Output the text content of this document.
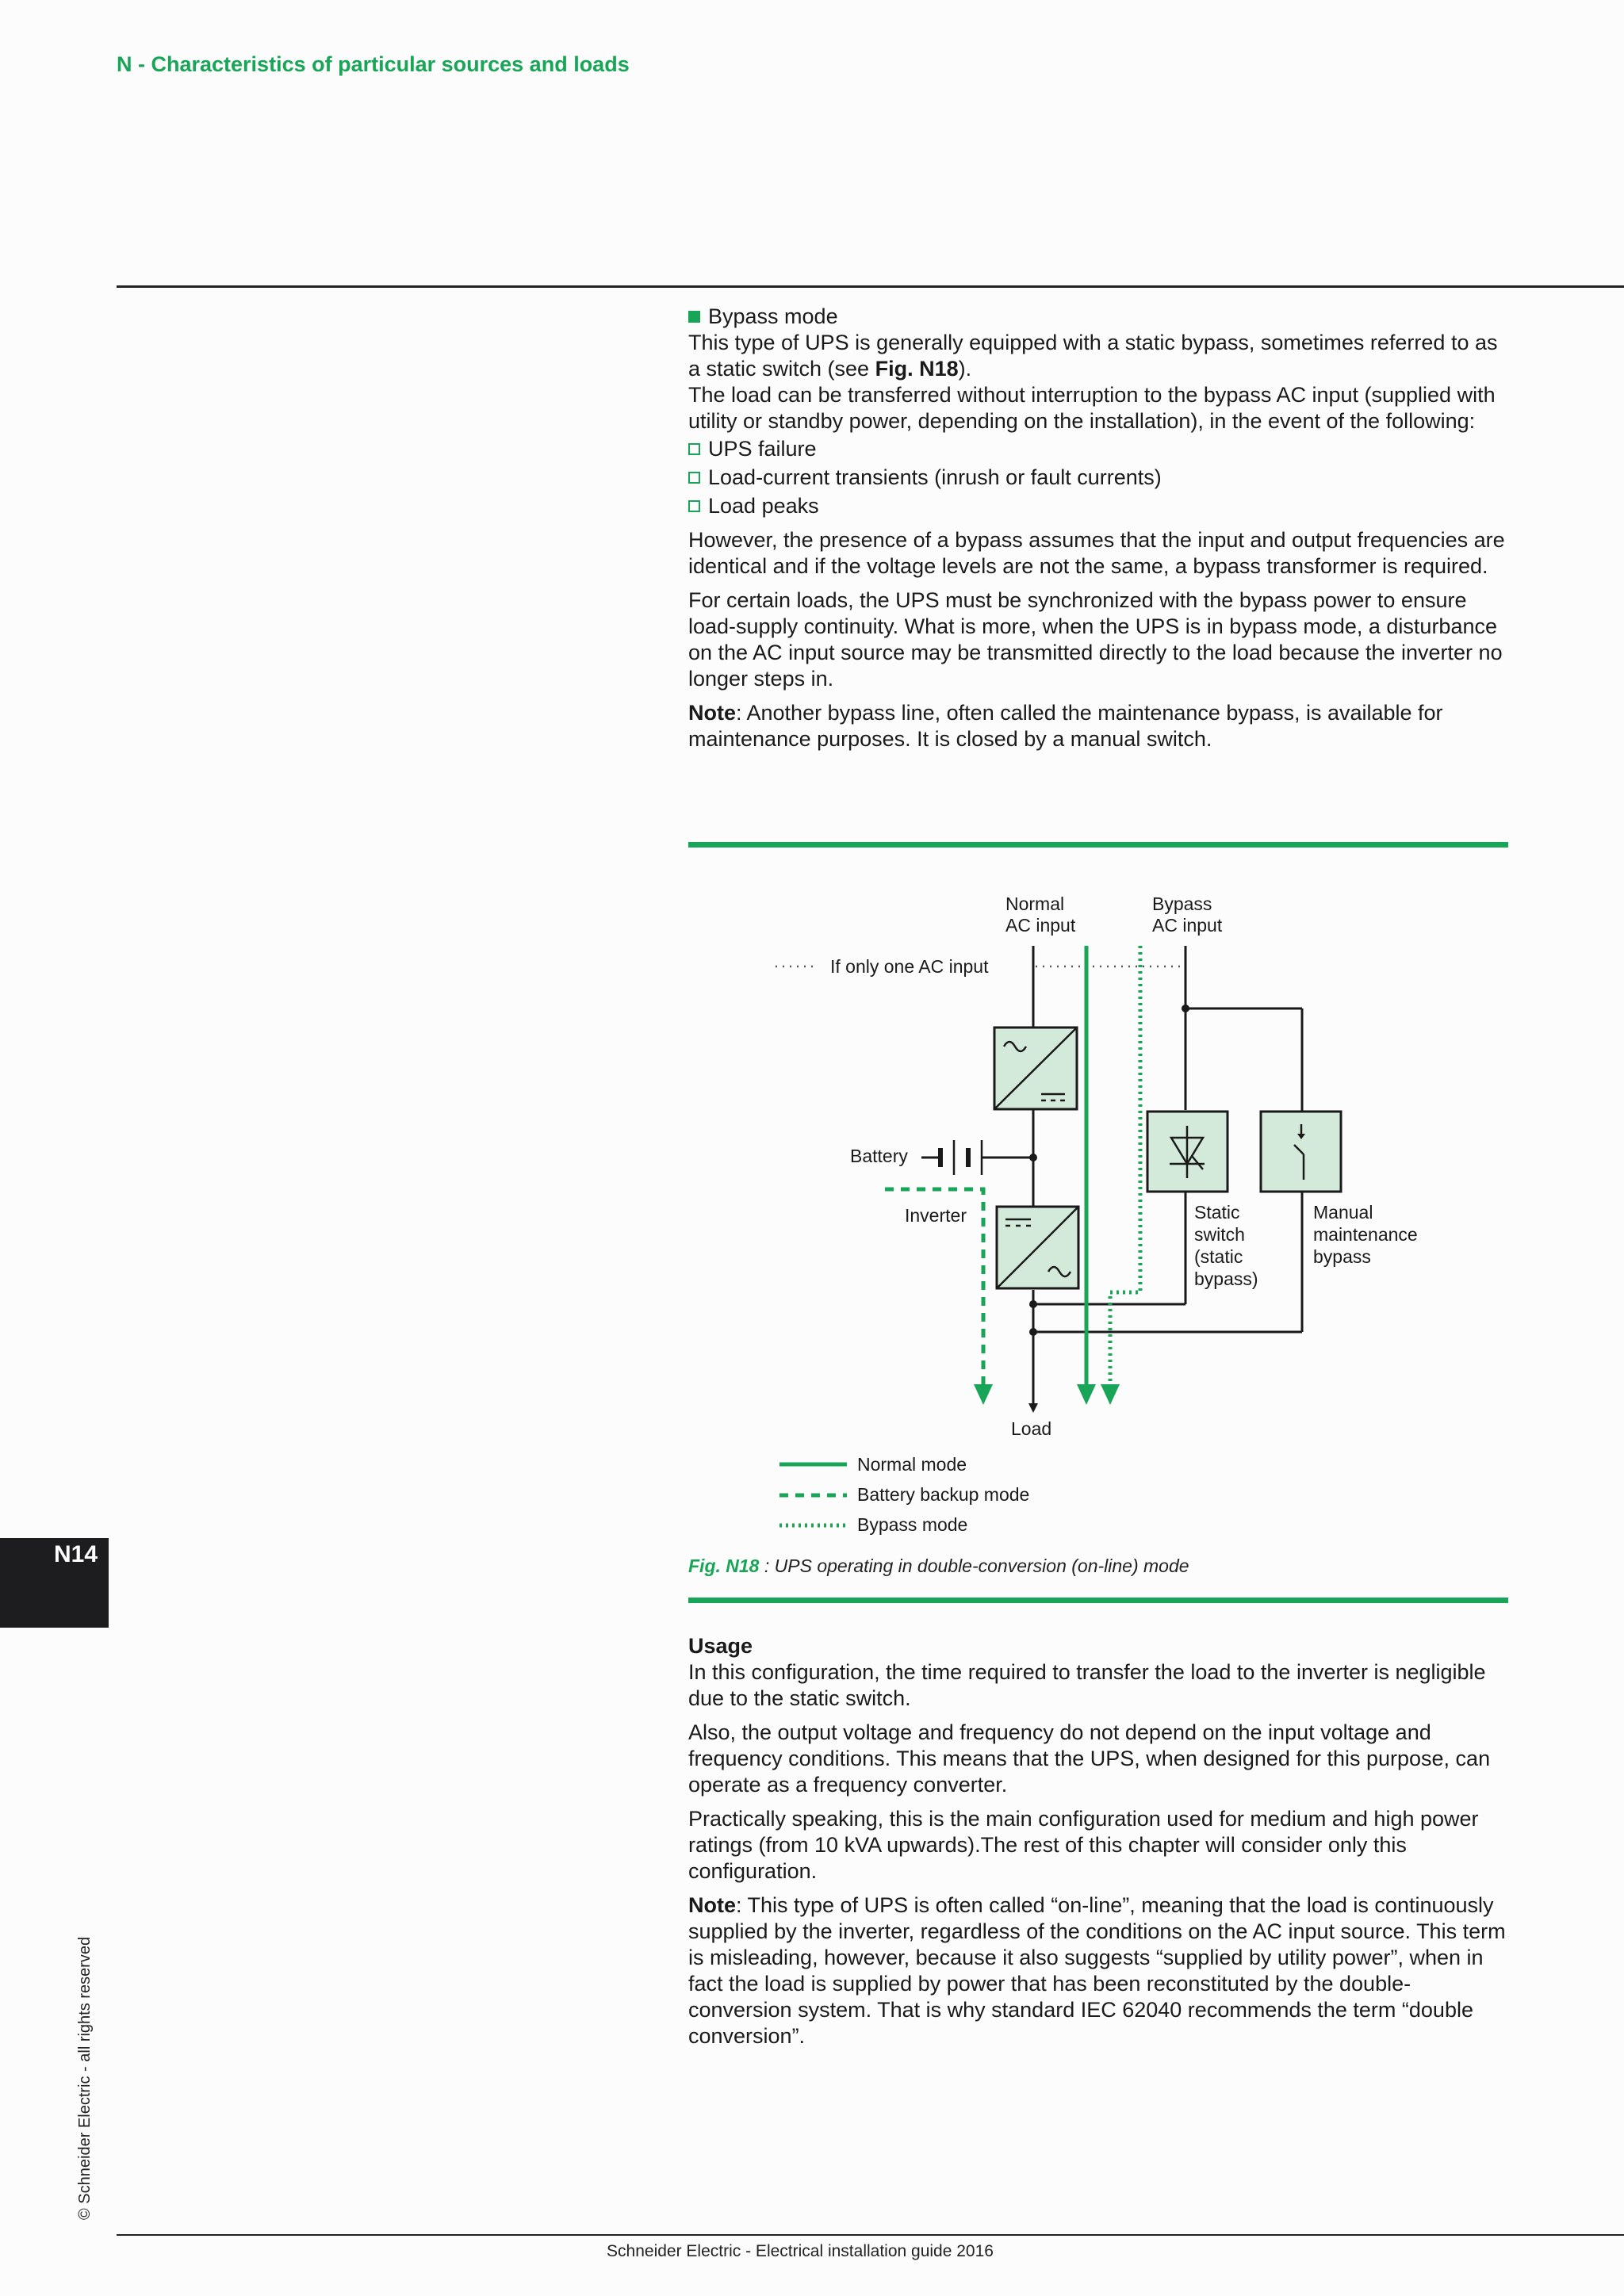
N - Characteristics of particular sources and loads

Bypass mode

This type of UPS is generally equipped with a static bypass, sometimes referred to as a static switch (see Fig. N18).

The load can be transferred without interruption to the bypass AC input (supplied with utility or standby power, depending on the installation), in the event of the following:

UPS failure
Load-current transients (inrush or fault currents)
Load peaks

However, the presence of a bypass assumes that the input and output frequencies are identical and if the voltage levels are not the same, a bypass transformer is required.

For certain loads, the UPS must be synchronized with the bypass power to ensure load-supply continuity. What is more, when the UPS is in bypass mode, a disturbance on the AC input source may be transmitted directly to the load because the inverter no longer steps in.

Note: Another bypass line, often called the maintenance bypass, is available for maintenance purposes. It is closed by a manual switch.

Normal
AC input
Bypass
AC input
If only one AC input
Battery
Inverter	Static
switch
(static
bypass)
Manual
maintenance
bypass
Load
Normal mode
Battery backup mode
Bypass mode
Fig. N18 : UPS operating in double-conversion (on-line) mode

Usage

In this configuration, the time required to transfer the load to the inverter is negligible due to the static switch.

Also, the output voltage and frequency do not depend on the input voltage and frequency conditions. This means that the UPS, when designed for this purpose, can operate as a frequency converter.

Practically speaking, this is the main configuration used for medium and high power ratings (from 10 kVA upwards).The rest of this chapter will consider only this configuration.

Note: This type of UPS is often called “on-line”, meaning that the load is continuously supplied by the inverter, regardless of the conditions on the AC input source. This term is misleading, however, because it also suggests “supplied by utility power”, when in fact the load is supplied by power that has been reconstituted by the double-conversion system. That is why standard IEC 62040 recommends the term “double conversion”.

N14
© Schneider Electric - all rights reserved
Schneider Electric - Electrical installation guide 2016
